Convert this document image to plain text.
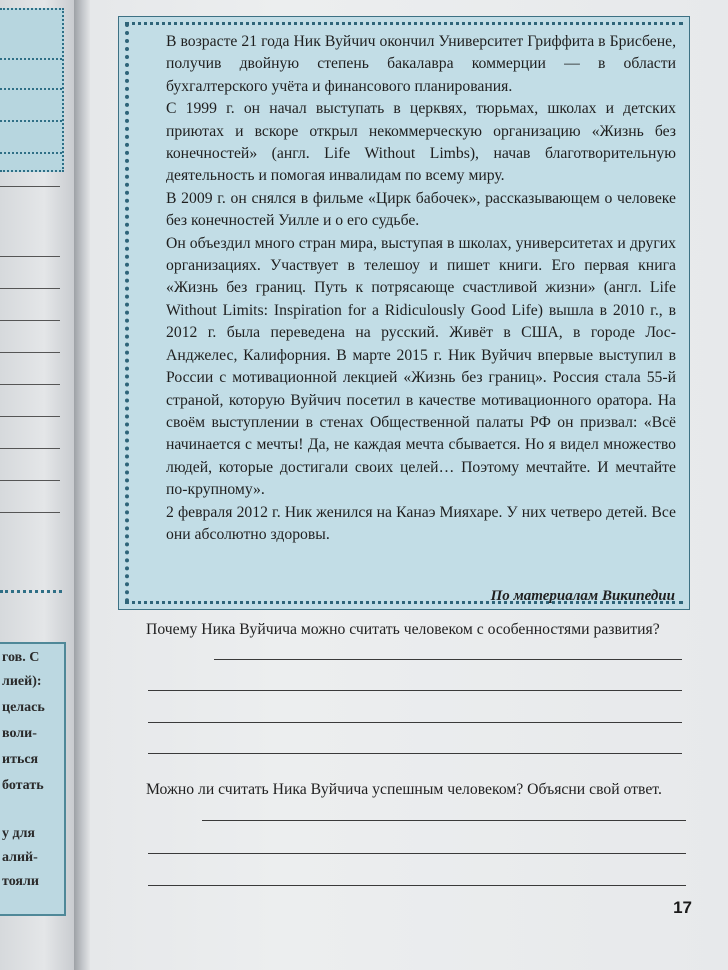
гов. С
лией):
целась
воли-
иться
ботать
у для
алий-
тояли

В возрасте 21 года Ник Вуйчич окончил Университет Гриффита в Брисбене, получив двойную степень бакалавра коммерции — в области бухгалтерского учёта и финансового планирования.

С 1999 г. он начал выступать в церквях, тюрьмах, школах и детских приютах и вскоре открыл некоммерческую организацию «Жизнь без конечностей» (англ. Life Without Limbs), начав благотворительную деятельность и помогая инвалидам по всему миру.

В 2009 г. он снялся в фильме «Цирк бабочек», рассказывающем о человеке без конечностей Уилле и о его судьбе.

Он объездил много стран мира, выступая в школах, университетах и других организациях. Участвует в телешоу и пишет книги. Его первая книга «Жизнь без границ. Путь к потрясающе счастливой жизни» (англ. Life Without Limits: Inspiration for a Ridiculously Good Life) вышла в 2010 г., в 2012 г. была переведена на русский. Живёт в США, в городе Лос-Анджелес, Калифорния. В марте 2015 г. Ник Вуйчич впервые выступил в России с мотивационной лекцией «Жизнь без границ». Россия стала 55-й страной, которую Вуйчич посетил в качестве мотивационного оратора. На своём выступлении в стенах Общественной палаты РФ он призвал: «Всё начинается с мечты! Да, не каждая мечта сбывается. Но я видел множество людей, которые достигали своих целей… Поэтому мечтайте. И мечтайте по-крупному».

2 февраля 2012 г. Ник женился на Канаэ Мияхаре. У них четверо детей. Все они абсолютно здоровы.

По материалам Википедии
Почему Ника Вуйчича можно считать человеком с особенностями развития?
Можно ли считать Ника Вуйчича успешным человеком? Объясни свой ответ.
17
